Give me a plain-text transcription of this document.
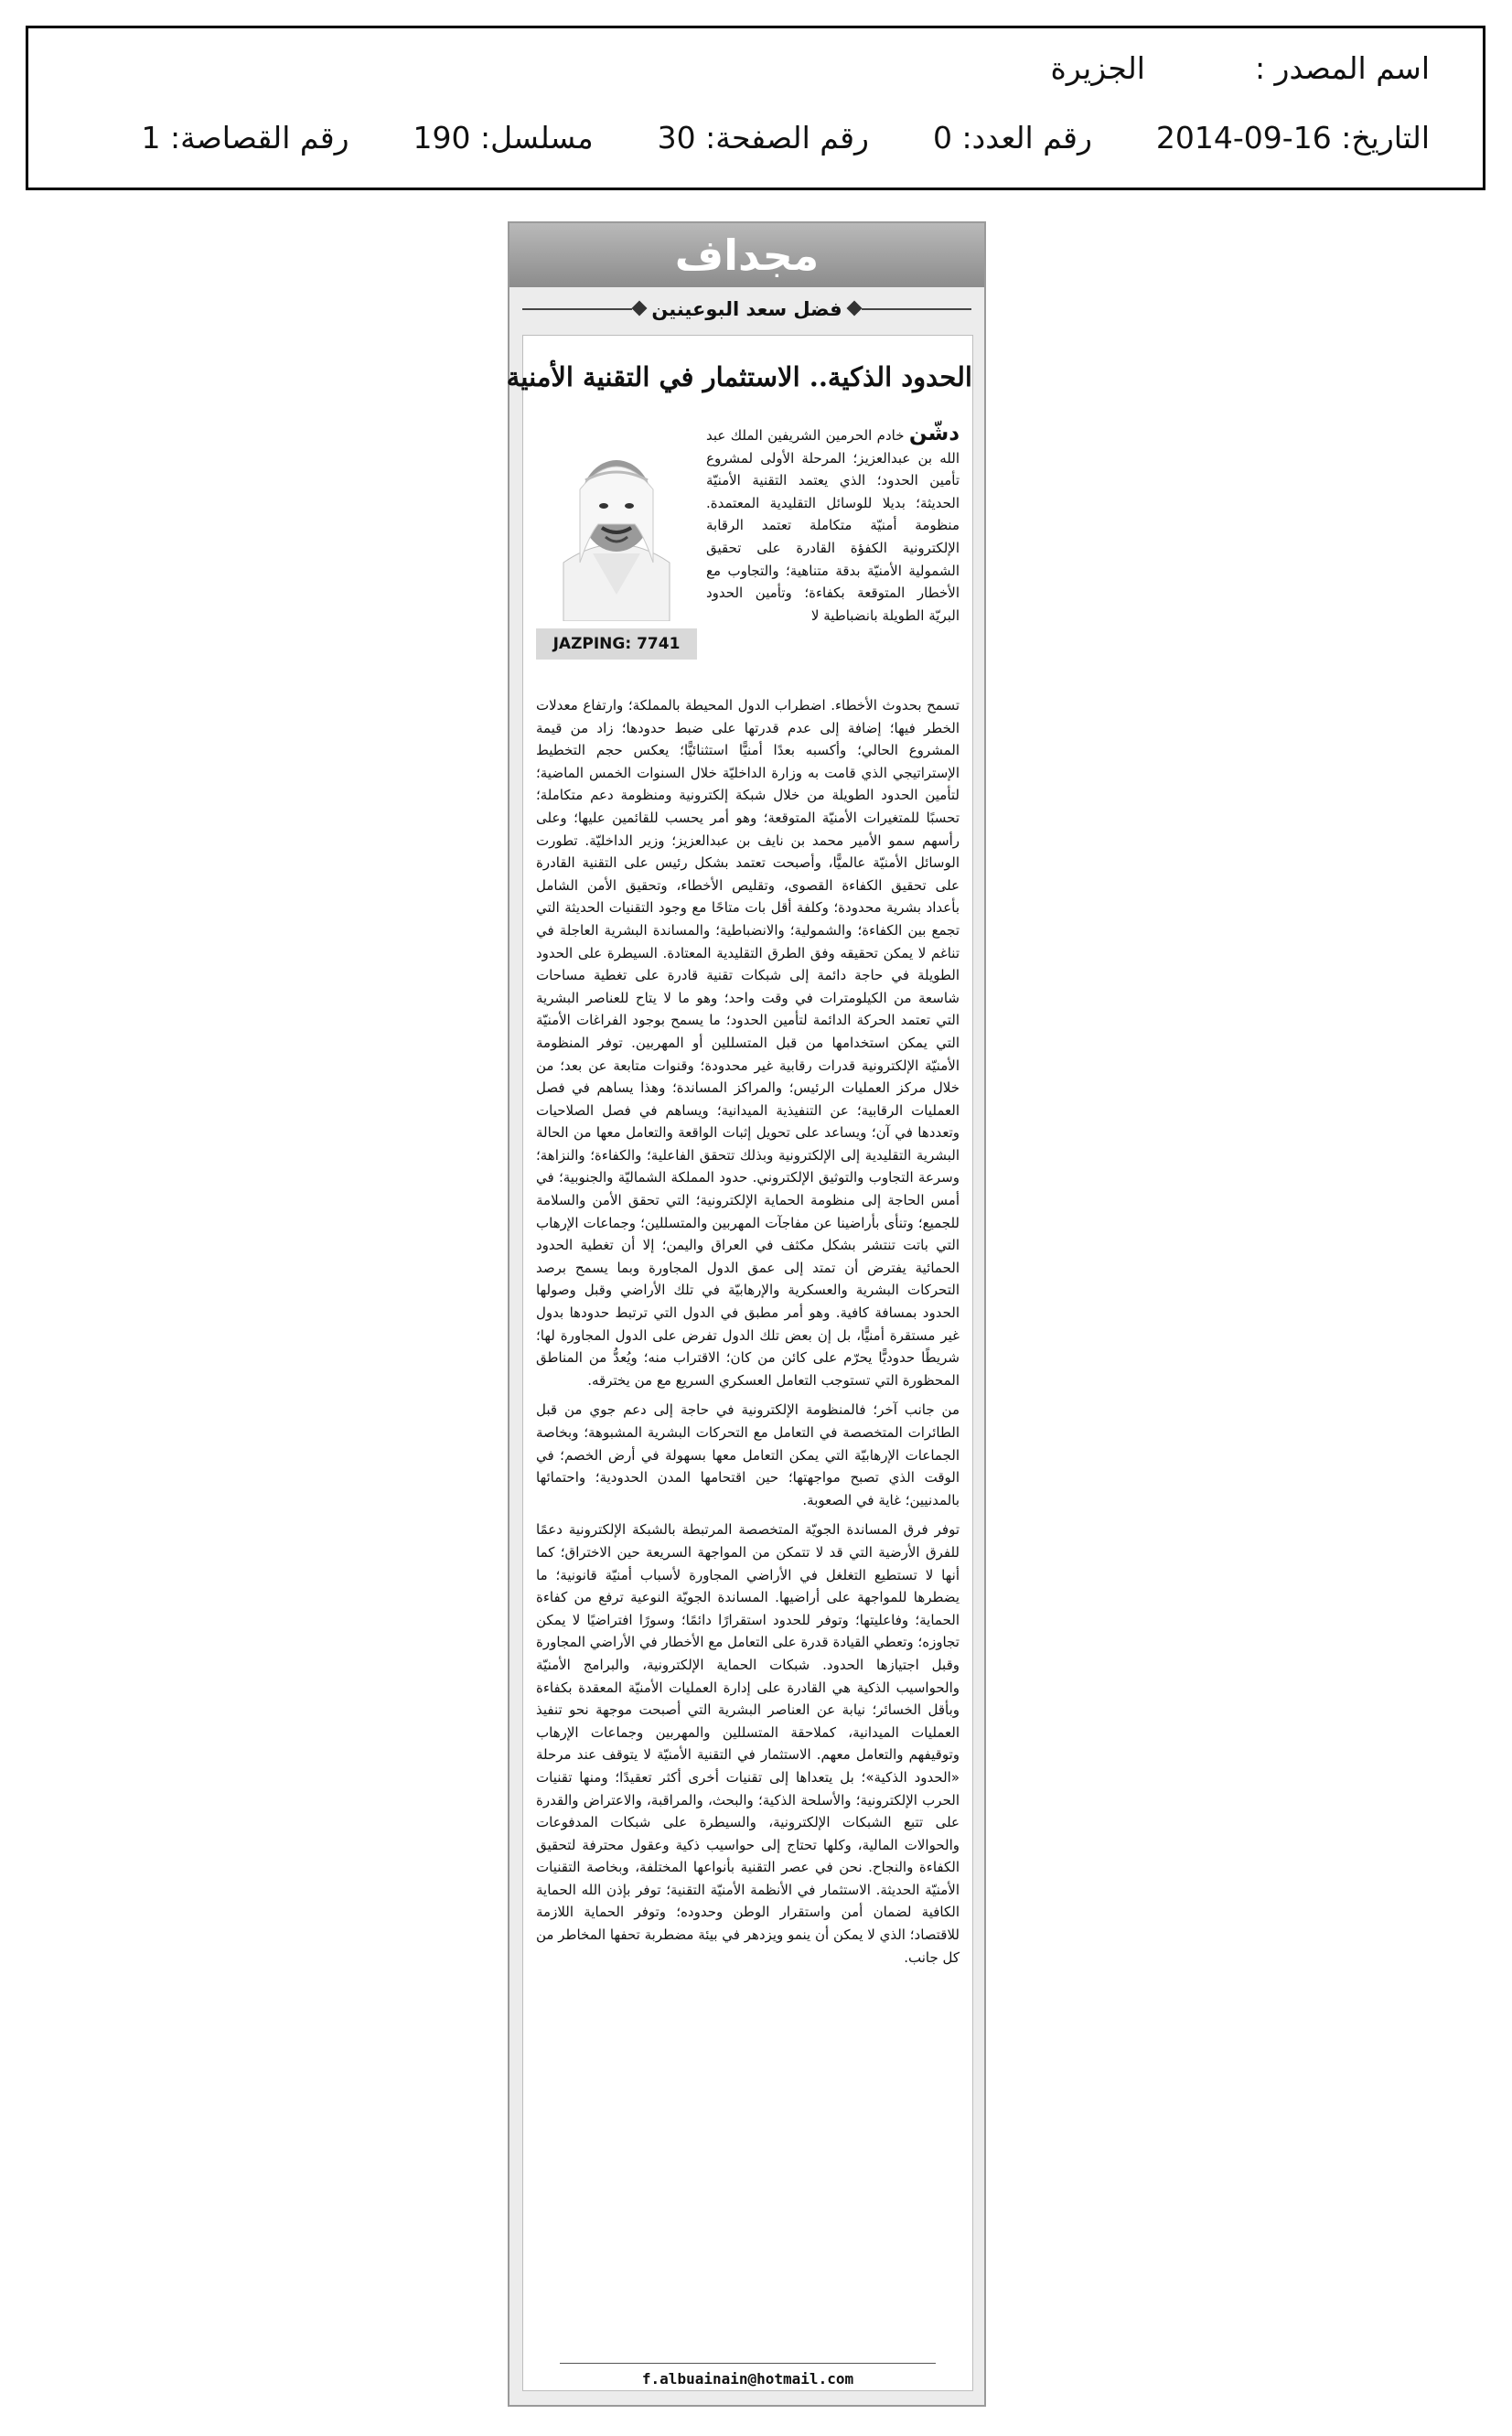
اسم المصدر :الجزيرة
التاريخ: 16-09-2014رقم العدد: 0رقم الصفحة: 30مسلسل: 190رقم القصاصة: 1
مجداف
فضل سعد البوعينين
الحدود الذكية.. الاستثمار في التقنية الأمنية
JAZPING: 7741
دشّن خادم الحرمين الشريفين الملك عبد الله بن عبدالعزيز؛ المرحلة الأولى لمشروع تأمين الحدود؛ الذي يعتمد التقنية الأمنيّة الحديثة؛ بديلا للوسائل التقليدية المعتمدة. منظومة أمنيّة متكاملة تعتمد الرقابة الإلكترونية الكفؤة القادرة على تحقيق الشمولية الأمنيّة بدقة متناهية؛ والتجاوب مع الأخطار المتوقعة بكفاءة؛ وتأمين الحدود البريّة الطويلة بانضباطية لا

تسمح بحدوث الأخطاء. اضطراب الدول المحيطة بالمملكة؛ وارتفاع معدلات الخطر فيها؛ إضافة إلى عدم قدرتها على ضبط حدودها؛ زاد من قيمة المشروع الحالي؛ وأكسبه بعدًا أمنيًّا استثنائيًّا؛ يعكس حجم التخطيط الإستراتيجي الذي قامت به وزارة الداخليّة خلال السنوات الخمس الماضية؛ لتأمين الحدود الطويلة من خلال شبكة إلكترونية ومنظومة دعم متكاملة؛ تحسبًا للمتغيرات الأمنيّة المتوقعة؛ وهو أمر يحسب للقائمين عليها؛ وعلى رأسهم سمو الأمير محمد بن نايف بن عبدالعزيز؛ وزير الداخليّة. تطورت الوسائل الأمنيّة عالميًّا، وأصبحت تعتمد بشكل رئيس على التقنية القادرة على تحقيق الكفاءة القصوى، وتقليص الأخطاء، وتحقيق الأمن الشامل بأعداد بشرية محدودة؛ وكلفة أقل بات متاحًا مع وجود التقنيات الحديثة التي تجمع بين الكفاءة؛ والشمولية؛ والانضباطية؛ والمساندة البشرية العاجلة في تناغم لا يمكن تحقيقه وفق الطرق التقليدية المعتادة. السيطرة على الحدود الطويلة في حاجة دائمة إلى شبكات تقنية قادرة على تغطية مساحات شاسعة من الكيلومترات في وقت واحد؛ وهو ما لا يتاح للعناصر البشرية التي تعتمد الحركة الدائمة لتأمين الحدود؛ ما يسمح بوجود الفراغات الأمنيّة التي يمكن استخدامها من قبل المتسللين أو المهربين. توفر المنظومة الأمنيّة الإلكترونية قدرات رقابية غير محدودة؛ وقنوات متابعة عن بعد؛ من خلال مركز العمليات الرئيس؛ والمراكز المساندة؛ وهذا يساهم في فصل العمليات الرقابية؛ عن التنفيذية الميدانية؛ ويساهم في فصل الصلاحيات وتعددها في آن؛ ويساعد على تحويل إثبات الواقعة والتعامل معها من الحالة البشرية التقليدية إلى الإلكترونية وبذلك تتحقق الفاعلية؛ والكفاءة؛ والنزاهة؛ وسرعة التجاوب والتوثيق الإلكتروني. حدود المملكة الشماليّة والجنوبية؛ في أمس الحاجة إلى منظومة الحماية الإلكترونية؛ التي تحقق الأمن والسلامة للجميع؛ وتنأى بأراضينا عن مفاجآت المهربين والمتسللين؛ وجماعات الإرهاب التي باتت تنتشر بشكل مكثف في العراق واليمن؛ إلا أن تغطية الحدود الحمائية يفترض أن تمتد إلى عمق الدول المجاورة وبما يسمح برصد التحركات البشرية والعسكرية والإرهابيّة في تلك الأراضي وقبل وصولها الحدود بمسافة كافية. وهو أمر مطبق في الدول التي ترتبط حدودها بدول غير مستقرة أمنيًّا، بل إن بعض تلك الدول تفرض على الدول المجاورة لها؛ شريطًا حدوديًّا يحرّم على كائن من كان؛ الاقتراب منه؛ ويُعدُّ من المناطق المحظورة التي تستوجب التعامل العسكري السريع مع من يخترقه.

من جانب آخر؛ فالمنظومة الإلكترونية في حاجة إلى دعم جوي من قبل الطائرات المتخصصة في التعامل مع التحركات البشرية المشبوهة؛ وبخاصة الجماعات الإرهابيّة التي يمكن التعامل معها بسهولة في أرض الخصم؛ في الوقت الذي تصبح مواجهتها؛ حين اقتحامها المدن الحدودية؛ واحتمائها بالمدنيين؛ غاية في الصعوبة.

توفر فرق المساندة الجويّة المتخصصة المرتبطة بالشبكة الإلكترونية دعمًا للفرق الأرضية التي قد لا تتمكن من المواجهة السريعة حين الاختراق؛ كما أنها لا تستطيع التغلغل في الأراضي المجاورة لأسباب أمنيّة قانونية؛ ما يضطرها للمواجهة على أراضيها. المساندة الجويّة النوعية ترفع من كفاءة الحماية؛ وفاعليتها؛ وتوفر للحدود استقرارًا دائمًا؛ وسورًا افتراضيًا لا يمكن تجاوزه؛ وتعطي القيادة قدرة على التعامل مع الأخطار في الأراضي المجاورة وقبل اجتيازها الحدود. شبكات الحماية الإلكترونية، والبرامج الأمنيّة والحواسيب الذكية هي القادرة على إدارة العمليات الأمنيّة المعقدة بكفاءة وبأقل الخسائر؛ نيابة عن العناصر البشرية التي أصبحت موجهة نحو تنفيذ العمليات الميدانية، كملاحقة المتسللين والمهربين وجماعات الإرهاب وتوقيفهم والتعامل معهم. الاستثمار في التقنية الأمنيّة لا يتوقف عند مرحلة «الحدود الذكية»؛ بل يتعداها إلى تقنيات أخرى أكثر تعقيدًا؛ ومنها تقنيات الحرب الإلكترونية؛ والأسلحة الذكية؛ والبحث، والمراقبة، والاعتراض والقدرة على تتبع الشبكات الإلكترونية، والسيطرة على شبكات المدفوعات والحوالات المالية، وكلها تحتاج إلى حواسيب ذكية وعقول محترفة لتحقيق الكفاءة والنجاح. نحن في عصر التقنية بأنواعها المختلفة، وبخاصة التقنيات الأمنيّة الحديثة. الاستثمار في الأنظمة الأمنيّة التقنية؛ توفر بإذن الله الحماية الكافية لضمان أمن واستقرار الوطن وحدوده؛ وتوفر الحماية اللازمة للاقتصاد؛ الذي لا يمكن أن ينمو ويزدهر في بيئة مضطربة تحفها المخاطر من كل جانب.

f.albuainain@hotmail.com
